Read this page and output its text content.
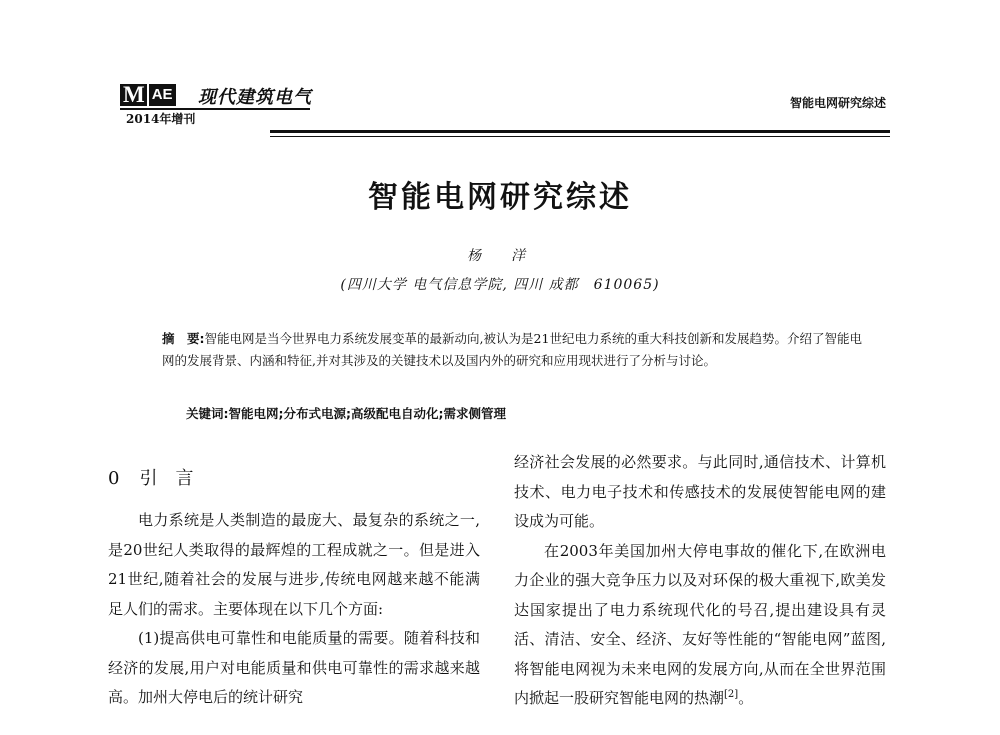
M AE 现代建筑电气
2014年增刊
智能电网研究综述
智能电网研究综述
杨　洋
(四川大学 电气信息学院, 四川 成都　610065)
摘　要:智能电网是当今世界电力系统发展变革的最新动向,被认为是21世纪电力系统的重大科技创新和发展趋势。介绍了智能电网的发展背景、内涵和特征,并对其涉及的关键技术以及国内外的研究和应用现状进行了分析与讨论。
关键词:智能电网;分布式电源;高级配电自动化;需求侧管理
0 引言

电力系统是人类制造的最庞大、最复杂的系统之一,是20世纪人类取得的最辉煌的工程成就之一。但是进入21世纪,随着社会的发展与进步,传统电网越来越不能满足人们的需求。主要体现在以下几个方面:

(1)提高供电可靠性和电能质量的需要。随着科技和经济的发展,用户对电能质量和供电可靠性的需求越来越高。加州大停电后的统计研究

经济社会发展的必然要求。与此同时,通信技术、计算机技术、电力电子技术和传感技术的发展使智能电网的建设成为可能。

在2003年美国加州大停电事故的催化下,在欧洲电力企业的强大竞争压力以及对环保的极大重视下,欧美发达国家提出了电力系统现代化的号召,提出建设具有灵活、清洁、安全、经济、友好等性能的“智能电网”蓝图,将智能电网视为未来电网的发展方向,从而在全世界范围内掀起一股研究智能电网的热潮[2]。
